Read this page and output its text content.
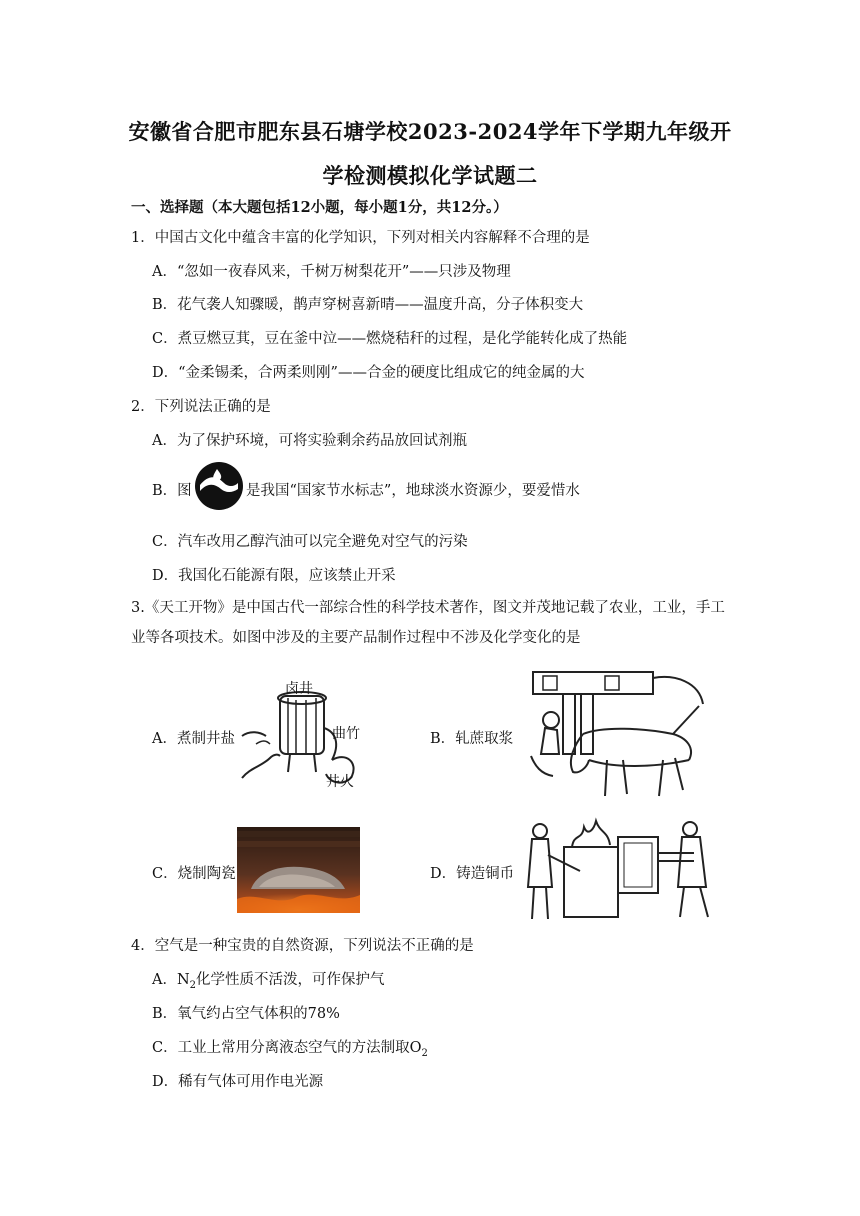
安徽省合肥市肥东县石塘学校2023-2024学年下学期九年级开
学检测模拟化学试题二
一、选择题（本大题包括12小题，每小题1分，共12分。）
1．中国古文化中蕴含丰富的化学知识，下列对相关内容解释不合理的是
A．“忽如一夜春风来，千树万树梨花开”——只涉及物理
B．花气袭人知骤暖，鹊声穿树喜新晴——温度升高，分子体积变大
C．煮豆燃豆萁，豆在釜中泣——燃烧秸秆的过程，是化学能转化成了热能
D．“金柔锡柔，合两柔则刚”——合金的硬度比组成它的纯金属的大
2．下列说法正确的是
A．为了保护环境，可将实验剩余药品放回试剂瓶
B．图	是我国“国家节水标志”，地球淡水资源少，要爱惜水
C．汽车改用乙醇汽油可以完全避免对空气的污染
D．我国化石能源有限，应该禁止开采
3.《天工开物》是中国古代一部综合性的科学技术著作，图文并茂地记载了农业，工业，手工业等各项技术。如图中涉及的主要产品制作过程中不涉及化学变化的是
A．煮制井盐
卤井
曲竹
井火
B．轧蔗取浆
C．烧制陶瓷	D．铸造铜币
4．空气是一种宝贵的自然资源，下列说法不正确的是
A．$N_2$化学性质不活泼，可作保护气
B．氧气约占空气体积的78%
C．工业上常用分离液态空气的方法制取$O_2$
D．稀有气体可用作电光源
